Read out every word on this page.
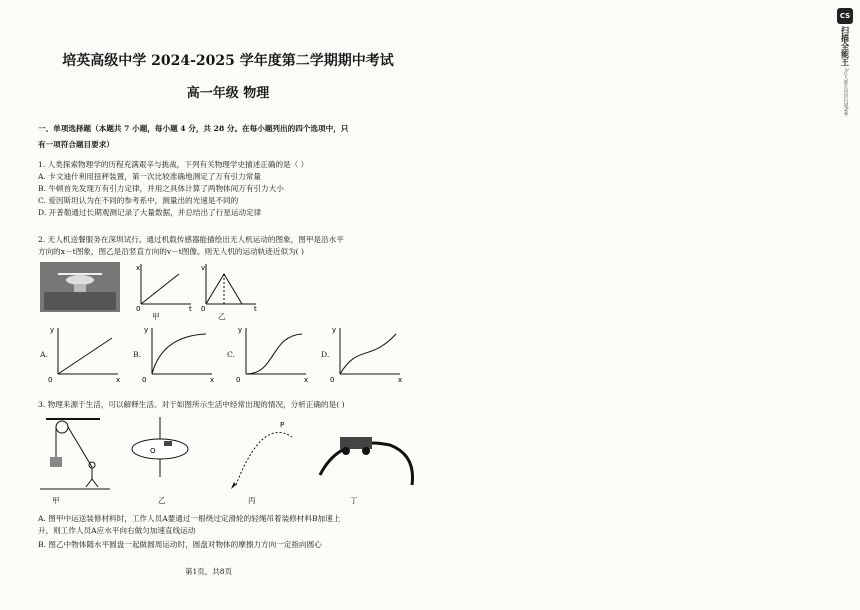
培英高级中学 2024-2025 学年度第二学期期中考试
高一年级 物理
一、单项选择题（本题共 7 小题，每小题 4 分，共 28 分。在每小题列出的四个选项中，只
有一项符合题目要求）
1. 人类探索物理学的历程充满艰辛与挑战，下列有关物理学史描述正确的是（ ）
A. 卡文迪什利用扭秤装置，第一次比较准确地测定了万有引力常量
B. 牛顿首先发现万有引力定律，并用之具体计算了两物体间万有引力大小
C. 爱因斯坦认为在不同的参考系中，测量出的光速是不同的
D. 开普勒通过长期观测记录了大量数据，并总结出了行星运动定律
2. 无人机送餐服务在深圳试行。通过机载传感器能描绘出无人机运动的图象，图甲是沿水平
方向的x－t图象，图乙是沿竖直方向的v－t图像。则无人机的运动轨迹近似为( )
x
t
0
v
t
0
甲	乙
y
x
0
y
x
0
y
x
0
y
x
0
A.	B.	C.	D.
3. 物理来源于生活，可以解释生活。对于如图所示生活中经常出现的情况，分析正确的是( )
O
P
甲	乙	丙	丁
A. 图甲中运送装修材料时，工作人员A要通过一根绕过定滑轮的轻绳吊着装修材料B加速上
升，则工作人员A应水平向右做匀加速直线运动
B. 图乙中物体随水平圆盘一起做圆周运动时，圆盘对物体的摩擦力方向一定指向圆心
第1页，共8页
CS
扫描全能王
3亿人都在用的扫描App
